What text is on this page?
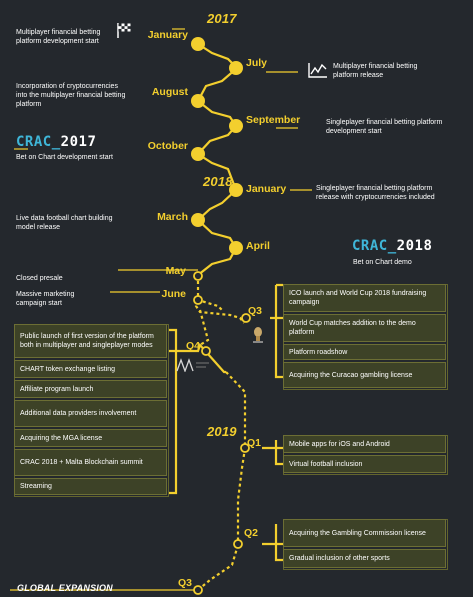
2017
2018
2019
January
July
August
September
October
January
March
April
May
June
Multiplayer financial betting platform development start
Multiplayer financial betting platform release
Incorporation of cryptocurrencies into the multiplayer financial betting platform
Singleplayer financial betting platform development start
Bet on Chart development start
Singleplayer financial betting platform release with cryptocurrencies included
Live data football chart building model release
Bet on Chart demo
Closed presale
Massive marketing campaign start
CRAC_2017
CRAC_2018
Q3
Q4
Q1
Q2
Q3
ICO launch and World Cup 2018 fundraising campaign
World Cup matches addition to the demo platform
Platform roadshow
Acquiring the Curacao gambling license
Public launch of first version of the platform both in multiplayer and singleplayer modes
CHART token exchange listing
Affiliate program launch
Additional data providers involvement
Acquiring the MGA license
CRAC 2018 + Malta Blockchain summit
Streaming
Mobile apps for iOS and Android
Virtual football inclusion
Acquiring the Gambling Commission license
Gradual inclusion of other sports
GLOBAL EXPANSION
